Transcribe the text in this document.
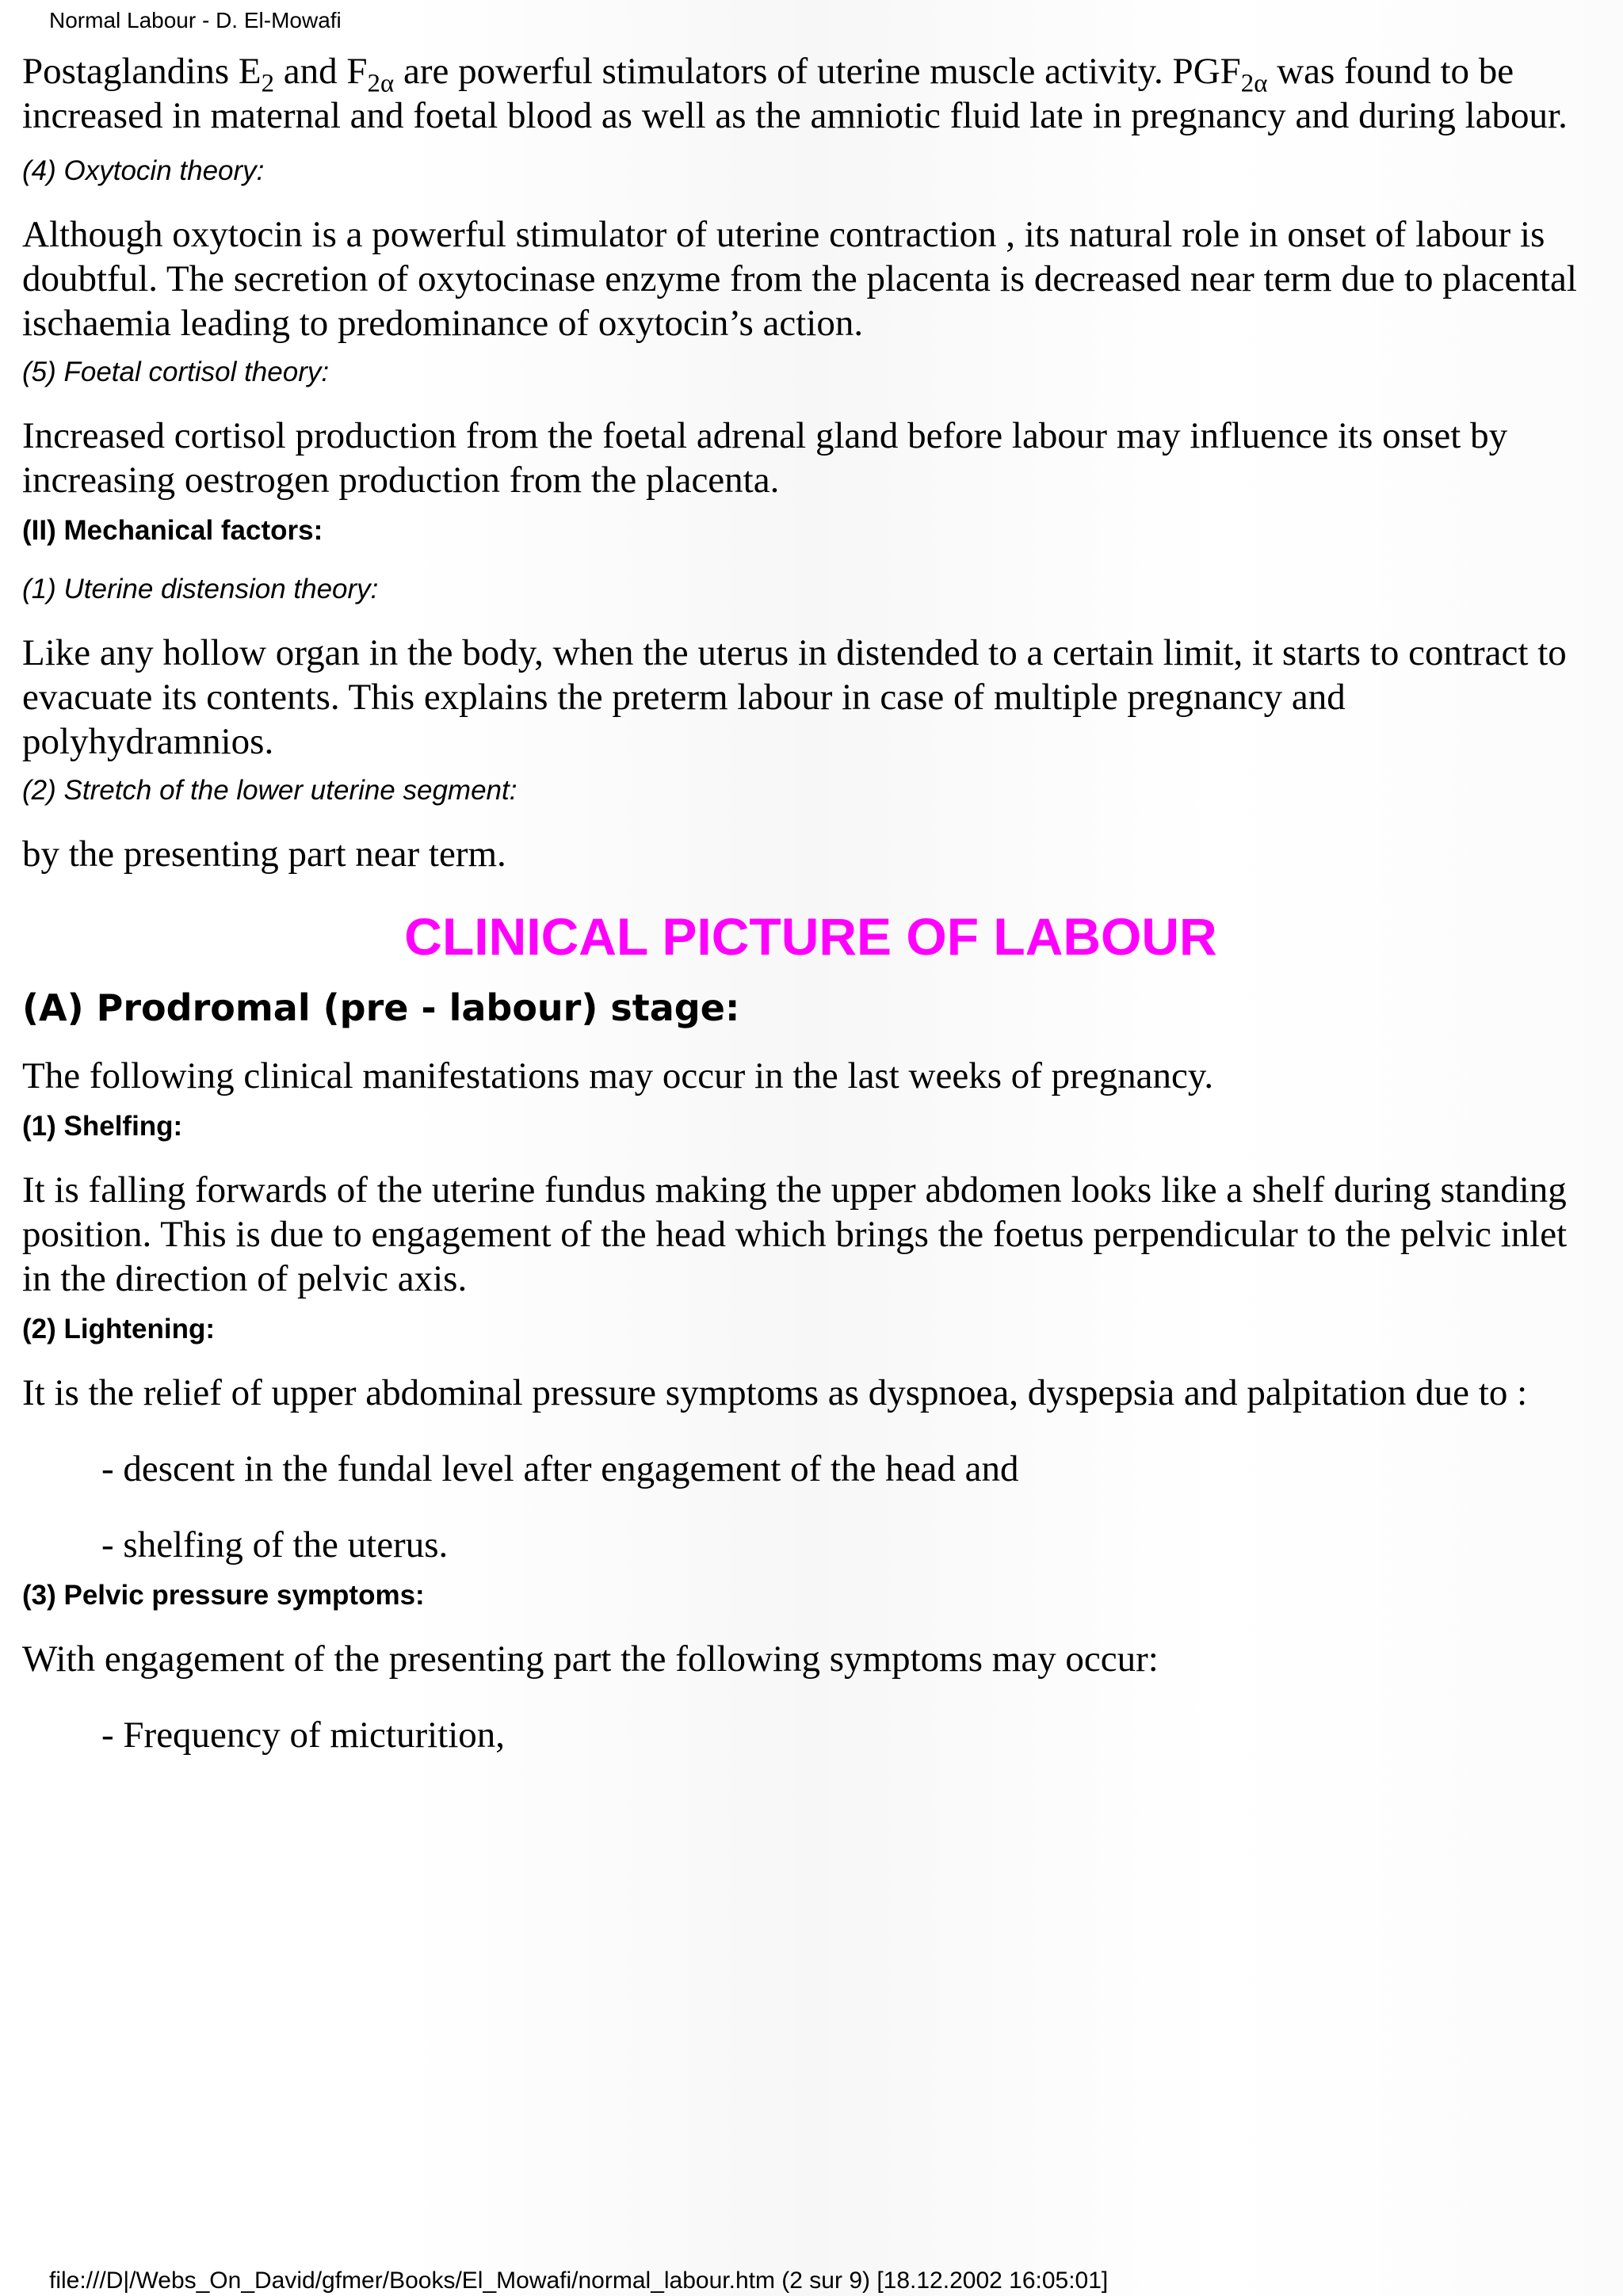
Normal Labour - D. El-Mowafi

Postaglandins $E_2$ and $F_{2\alpha}$ are powerful stimulators of uterine muscle activity. $PGF_{2\alpha}$ was found to be increased in maternal and foetal blood as well as the amniotic fluid late in pregnancy and during labour.

(4) Oxytocin theory:

Although oxytocin is a powerful stimulator of uterine contraction , its natural role in onset of labour is doubtful. The secretion of oxytocinase enzyme from the placenta is decreased near term due to placental ischaemia leading to predominance of oxytocin’s action.

(5) Foetal cortisol theory:

Increased cortisol production from the foetal adrenal gland before labour may influence its onset by increasing oestrogen production from the placenta.

(II) Mechanical factors:

(1) Uterine distension theory:

Like any hollow organ in the body, when the uterus in distended to a certain limit, it starts to contract to evacuate its contents. This explains the preterm labour in case of multiple pregnancy and polyhydramnios.

(2) Stretch of the lower uterine segment:

by the presenting part near term.

CLINICAL PICTURE OF LABOUR

(A) Prodromal (pre - labour) stage:

The following clinical manifestations may occur in the last weeks of pregnancy.

(1) Shelfing:

It is falling forwards of the uterine fundus making the upper abdomen looks like a shelf during standing position. This is due to engagement of the head which brings the foetus perpendicular to the pelvic inlet in the direction of pelvic axis.

(2) Lightening:

It is the relief of upper abdominal pressure symptoms as dyspnoea, dyspepsia and palpitation due to :

- descent in the fundal level after engagement of the head and

- shelfing of the uterus.

(3) Pelvic pressure symptoms:

With engagement of the presenting part the following symptoms may occur:

- Frequency of micturition,

file:///D|/Webs_On_David/gfmer/Books/El_Mowafi/normal_labour.htm (2 sur 9) [18.12.2002 16:05:01]
